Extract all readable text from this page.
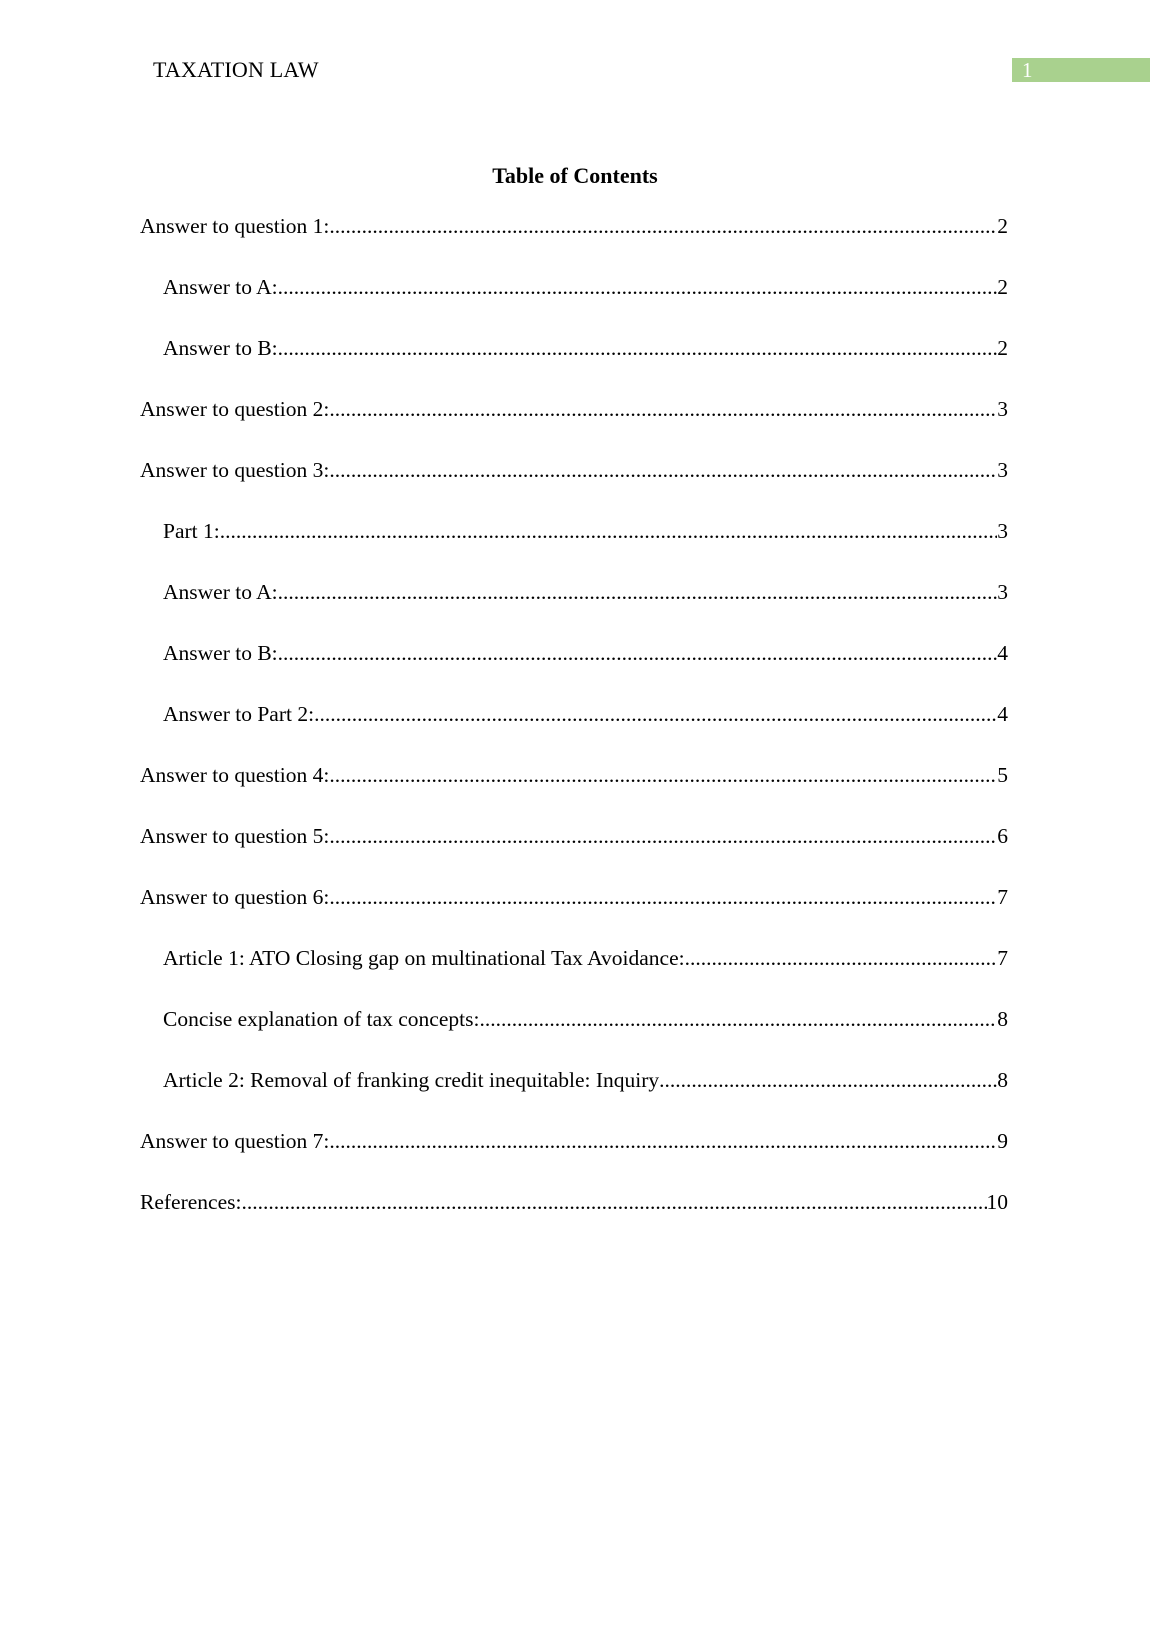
TAXATION LAW	1
Table of Contents
Answer to question 1: .....	2
Answer to A: .....	2
Answer to B: .....	2
Answer to question 2: .....	3
Answer to question 3: .....	3
Part 1: .....	3
Answer to A: .....	3
Answer to B: .....	4
Answer to Part 2: .....	4
Answer to question 4: .....	5
Answer to question 5: .....	6
Answer to question 6: .....	7
Article 1: ATO Closing gap on multinational Tax Avoidance: .....	7
Concise explanation of tax concepts: .....	8
Article 2: Removal of franking credit inequitable: Inquiry .....	8
Answer to question 7: .....	9
References: .....	10
